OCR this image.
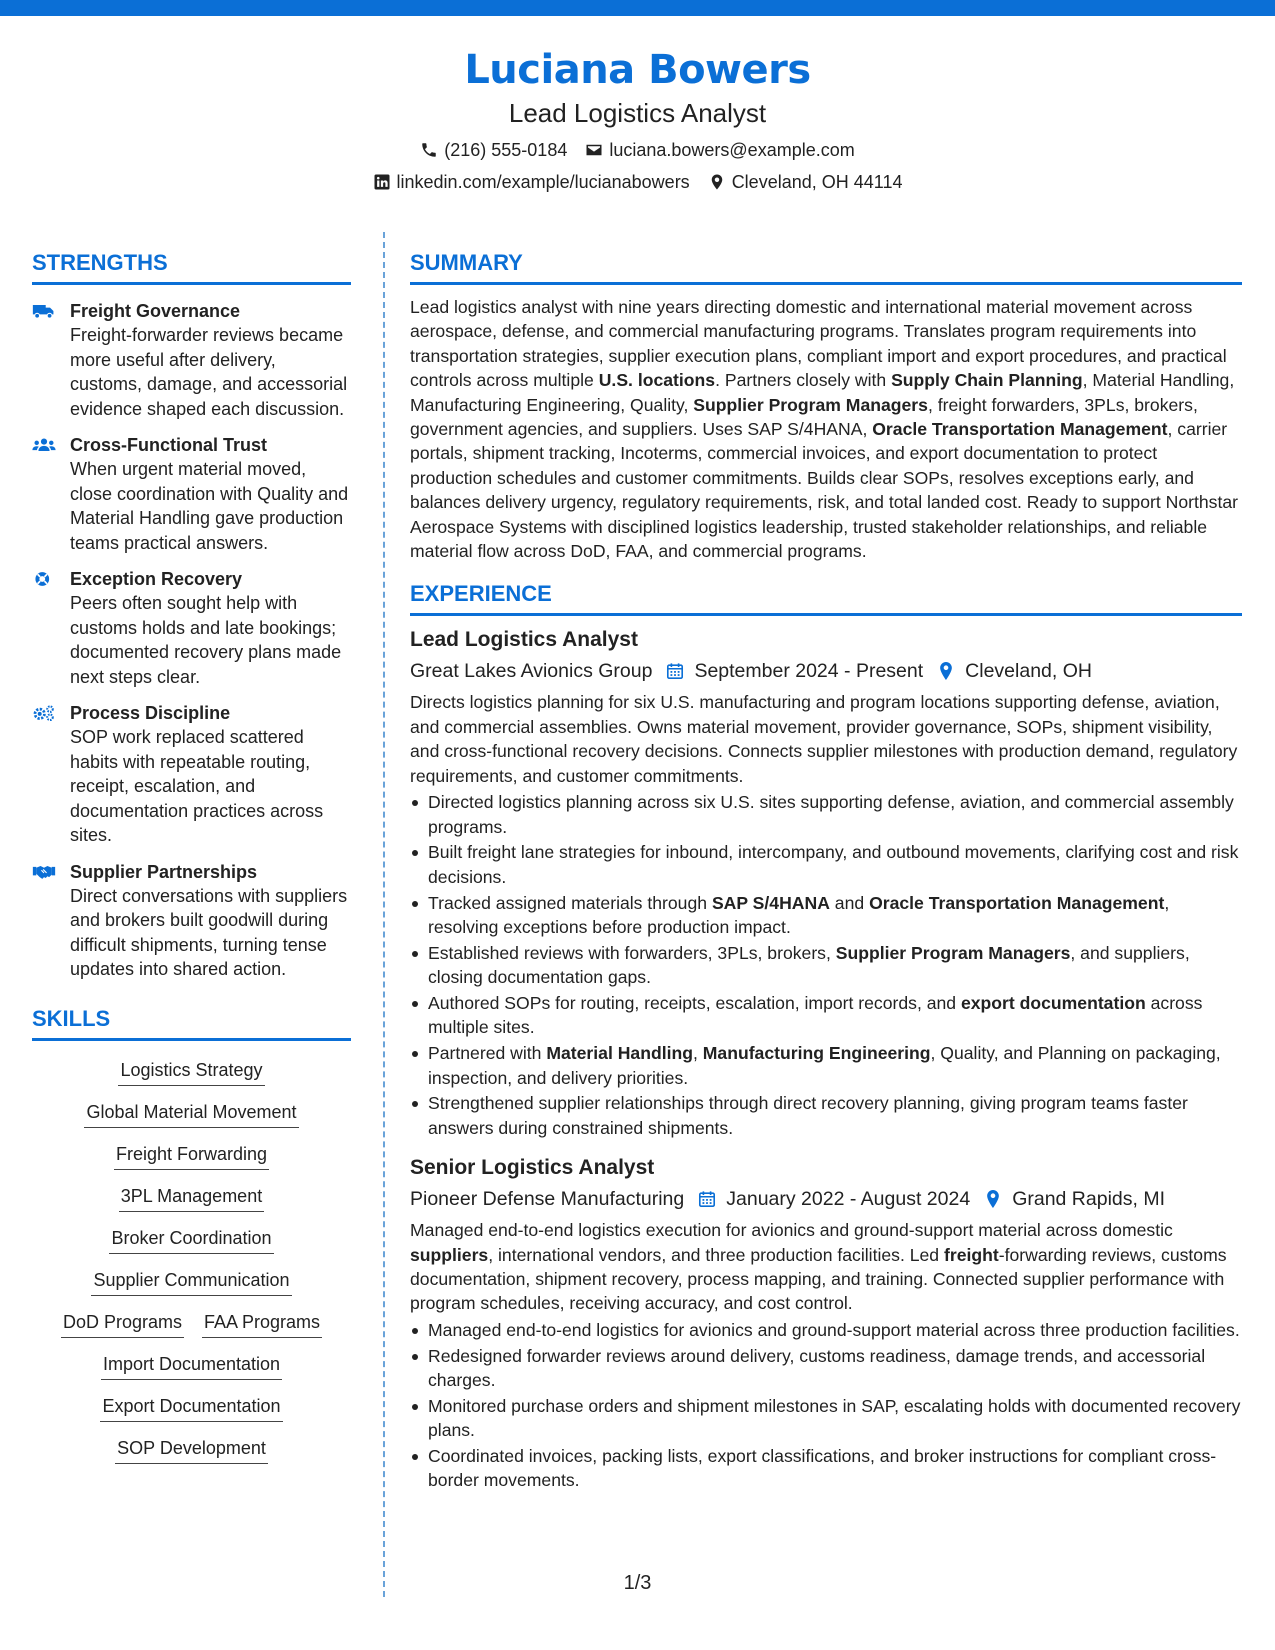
Luciana Bowers
Lead Logistics Analyst
(216) 555-0184 luciana.bowers@example.com
linkedin.com/example/lucianabowers Cleveland, OH 44114
STRENGTHS
Freight Governance
Freight-forwarder reviews became more useful after delivery, customs, damage, and accessorial evidence shaped each discussion.
Cross-Functional Trust
When urgent material moved, close coordination with Quality and Material Handling gave production teams practical answers.
Exception Recovery
Peers often sought help with customs holds and late bookings; documented recovery plans made next steps clear.
Process Discipline
SOP work replaced scattered habits with repeatable routing, receipt, escalation, and documentation practices across sites.
Supplier Partnerships
Direct conversations with suppliers and brokers built goodwill during difficult shipments, turning tense updates into shared action.
SKILLS
Logistics Strategy
Global Material Movement
Freight Forwarding
3PL Management
Broker Coordination
Supplier Communication
DoD Programs FAA Programs
Import Documentation
Export Documentation
SOP Development
SUMMARY

Lead logistics analyst with nine years directing domestic and international material movement across aerospace, defense, and commercial manufacturing programs. Translates program requirements into transportation strategies, supplier execution plans, compliant import and export procedures, and practical controls across multiple U.S. locations. Partners closely with Supply Chain Planning, Material Handling, Manufacturing Engineering, Quality, Supplier Program Managers, freight forwarders, 3PLs, brokers, government agencies, and suppliers. Uses SAP S/4HANA, Oracle Transportation Management, carrier portals, shipment tracking, Incoterms, commercial invoices, and export documentation to protect production schedules and customer commitments. Builds clear SOPs, resolves exceptions early, and balances delivery urgency, regulatory requirements, risk, and total landed cost. Ready to support Northstar Aerospace Systems with disciplined logistics leadership, trusted stakeholder relationships, and reliable material flow across DoD, FAA, and commercial programs.

EXPERIENCE
Lead Logistics Analyst
Great Lakes Avionics Group September 2024 - Present Cleveland, OH

Directs logistics planning for six U.S. manufacturing and program locations supporting defense, aviation, and commercial assemblies. Owns material movement, provider governance, SOPs, shipment visibility, and cross-functional recovery decisions. Connects supplier milestones with production demand, regulatory requirements, and customer commitments.

Directed logistics planning across six U.S. sites supporting defense, aviation, and commercial assembly programs.
Built freight lane strategies for inbound, intercompany, and outbound movements, clarifying cost and risk decisions.
Tracked assigned materials through SAP S/4HANA and Oracle Transportation Management, resolving exceptions before production impact.
Established reviews with forwarders, 3PLs, brokers, Supplier Program Managers, and suppliers, closing documentation gaps.
Authored SOPs for routing, receipts, escalation, import records, and export documentation across multiple sites.
Partnered with Material Handling, Manufacturing Engineering, Quality, and Planning on packaging, inspection, and delivery priorities.
Strengthened supplier relationships through direct recovery planning, giving program teams faster answers during constrained shipments.
Senior Logistics Analyst
Pioneer Defense Manufacturing January 2022 - August 2024 Grand Rapids, MI

Managed end-to-end logistics execution for avionics and ground-support material across domestic suppliers, international vendors, and three production facilities. Led freight-forwarding reviews, customs documentation, shipment recovery, process mapping, and training. Connected supplier performance with program schedules, receiving accuracy, and cost control.

Managed end-to-end logistics for avionics and ground-support material across three production facilities.
Redesigned forwarder reviews around delivery, customs readiness, damage trends, and accessorial charges.
Monitored purchase orders and shipment milestones in SAP, escalating holds with documented recovery plans.
Coordinated invoices, packing lists, export classifications, and broker instructions for compliant cross-border movements.
1/3
